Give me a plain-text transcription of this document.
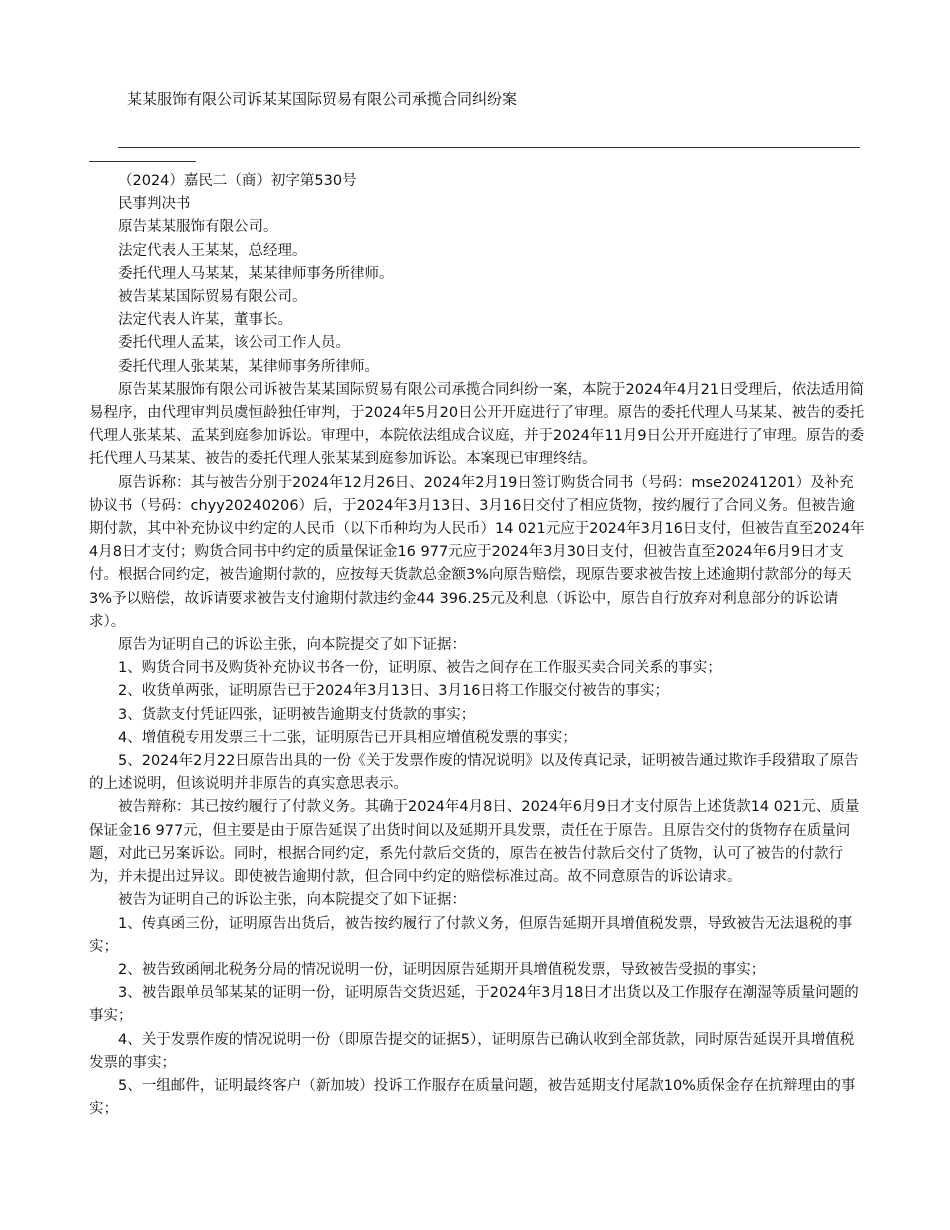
某某服饰有限公司诉某某国际贸易有限公司承揽合同纠纷案

（2024）嘉民二（商）初字第530号

民事判决书

原告某某服饰有限公司。

法定代表人王某某，总经理。

委托代理人马某某，某某律师事务所律师。

被告某某国际贸易有限公司。

法定代表人许某，董事长。

委托代理人孟某，该公司工作人员。

委托代理人张某某，某律师事务所律师。

原告某某服饰有限公司诉被告某某国际贸易有限公司承揽合同纠纷一案，本院于2024年4月21日受理后，依法适用简易程序，由代理审判员虞恒龄独任审判，于2024年5月20日公开开庭进行了审理。原告的委托代理人马某某、被告的委托代理人张某某、孟某到庭参加诉讼。审理中，本院依法组成合议庭，并于2024年11月9日公开开庭进行了审理。原告的委托代理人马某某、被告的委托代理人张某某到庭参加诉讼。本案现已审理终结。

原告诉称：其与被告分别于2024年12月26日、2024年2月19日签订购货合同书（号码：mse20241201）及补充协议书（号码：chyy20240206）后，于2024年3月13日、3月16日交付了相应货物，按约履行了合同义务。但被告逾期付款，其中补充协议中约定的人民币（以下币种均为人民币）14 021元应于2024年3月16日支付，但被告直至2024年4月8日才支付；购货合同书中约定的质量保证金16 977元应于2024年3月30日支付，但被告直至2024年6月9日才支付。根据合同约定，被告逾期付款的，应按每天货款总金额3%向原告赔偿，现原告要求被告按上述逾期付款部分的每天3%予以赔偿，故诉请要求被告支付逾期付款违约金44 396.25元及利息（诉讼中，原告自行放弃对利息部分的诉讼请求）。

原告为证明自己的诉讼主张，向本院提交了如下证据：

1、购货合同书及购货补充协议书各一份，证明原、被告之间存在工作服买卖合同关系的事实；

2、收货单两张，证明原告已于2024年3月13日、3月16日将工作服交付被告的事实；

3、货款支付凭证四张，证明被告逾期支付货款的事实；

4、增值税专用发票三十二张，证明原告已开具相应增值税发票的事实；

5、2024年2月22日原告出具的一份《关于发票作废的情况说明》以及传真记录，证明被告通过欺诈手段猎取了原告的上述说明，但该说明并非原告的真实意思表示。

被告辩称：其已按约履行了付款义务。其确于2024年4月8日、2024年6月9日才支付原告上述货款14 021元、质量保证金16 977元，但主要是由于原告延误了出货时间以及延期开具发票，责任在于原告。且原告交付的货物存在质量问题，对此已另案诉讼。同时，根据合同约定，系先付款后交货的，原告在被告付款后交付了货物，认可了被告的付款行为，并未提出过异议。即使被告逾期付款，但合同中约定的赔偿标准过高。故不同意原告的诉讼请求。

被告为证明自己的诉讼主张，向本院提交了如下证据：

1、传真函三份，证明原告出货后，被告按约履行了付款义务，但原告延期开具增值税发票，导致被告无法退税的事实；

2、被告致函闸北税务分局的情况说明一份，证明因原告延期开具增值税发票，导致被告受损的事实；

3、被告跟单员邹某某的证明一份，证明原告交货迟延，于2024年3月18日才出货以及工作服存在潮湿等质量问题的事实；

4、关于发票作废的情况说明一份（即原告提交的证据5），证明原告已确认收到全部货款，同时原告延误开具增值税发票的事实；

5、一组邮件，证明最终客户（新加坡）投诉工作服存在质量问题，被告延期支付尾款10%质保金存在抗辩理由的事实；
